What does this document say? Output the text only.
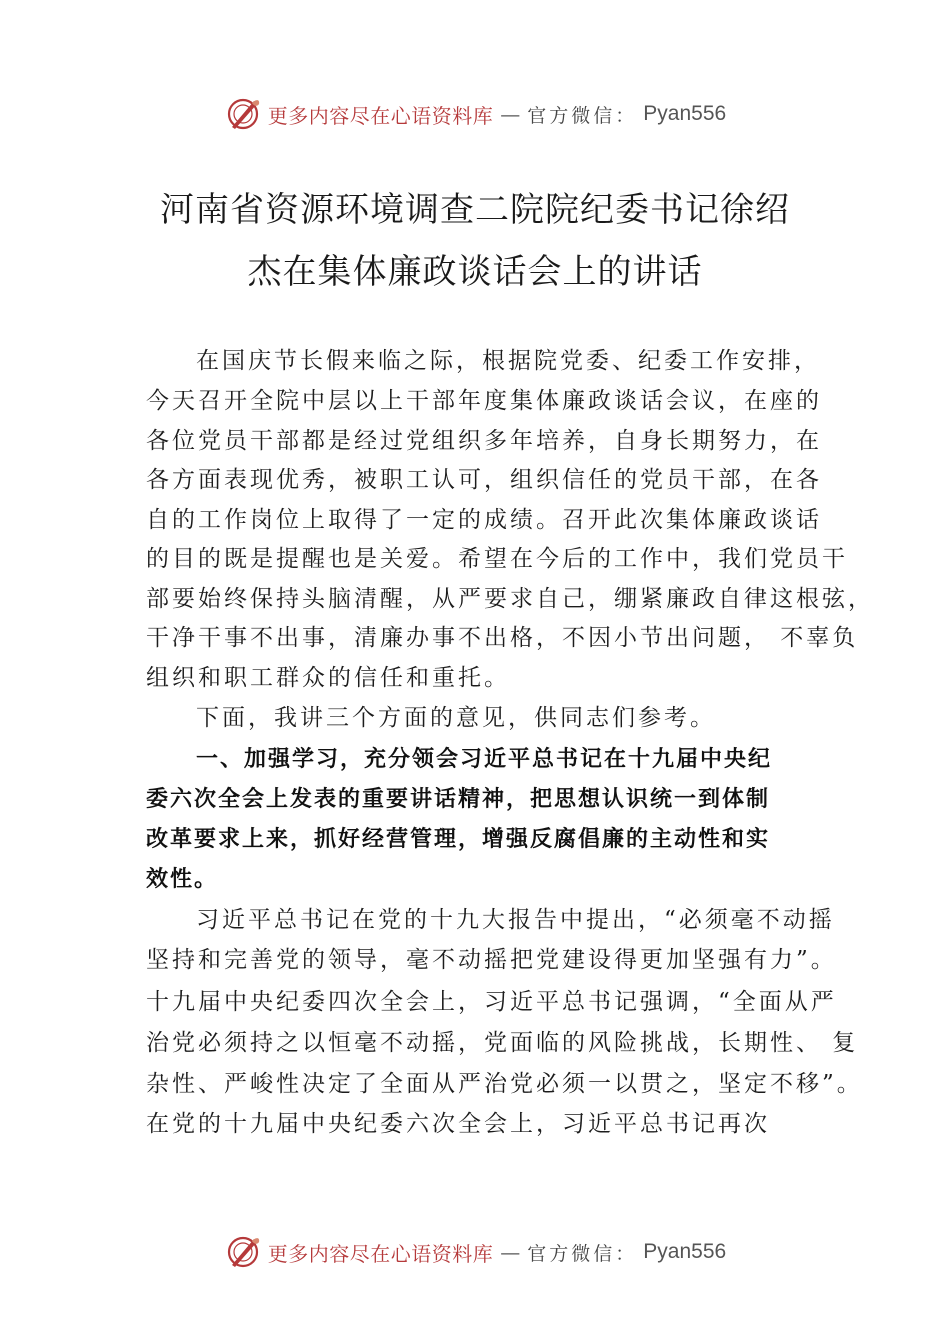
更多内容尽在心语资料库 — 官方微信： Pyan556
河南省资源环境调查二院院纪委书记徐绍
杰在集体廉政谈话会上的讲话
在国庆节长假来临之际，根据院党委、纪委工作安排，
今天召开全院中层以上干部年度集体廉政谈话会议，在座的
各位党员干部都是经过党组织多年培养，自身长期努力，在
各方面表现优秀，被职工认可，组织信任的党员干部，在各
自的工作岗位上取得了一定的成绩。召开此次集体廉政谈话
的目的既是提醒也是关爱。希望在今后的工作中，我们党员干
部要始终保持头脑清醒，从严要求自己，绷紧廉政自律这根弦，
干净干事不出事，清廉办事不出格，不因小节出问题， 不辜负
组织和职工群众的信任和重托。
下面，我讲三个方面的意见，供同志们参考。
一、加强学习，充分领会习近平总书记在十九届中央纪
委六次全会上发表的重要讲话精神，把思想认识统一到体制
改革要求上来，抓好经营管理，增强反腐倡廉的主动性和实
效性。
习近平总书记在党的十九大报告中提出，“必须毫不动摇
坚持和完善党的领导，毫不动摇把党建设得更加坚强有力”。
十九届中央纪委四次全会上，习近平总书记强调，“全面从严
治党必须持之以恒毫不动摇，党面临的风险挑战，长期性、 复
杂性、严峻性决定了全面从严治党必须一以贯之，坚定不移”。
在党的十九届中央纪委六次全会上，习近平总书记再次
更多内容尽在心语资料库 — 官方微信： Pyan556
